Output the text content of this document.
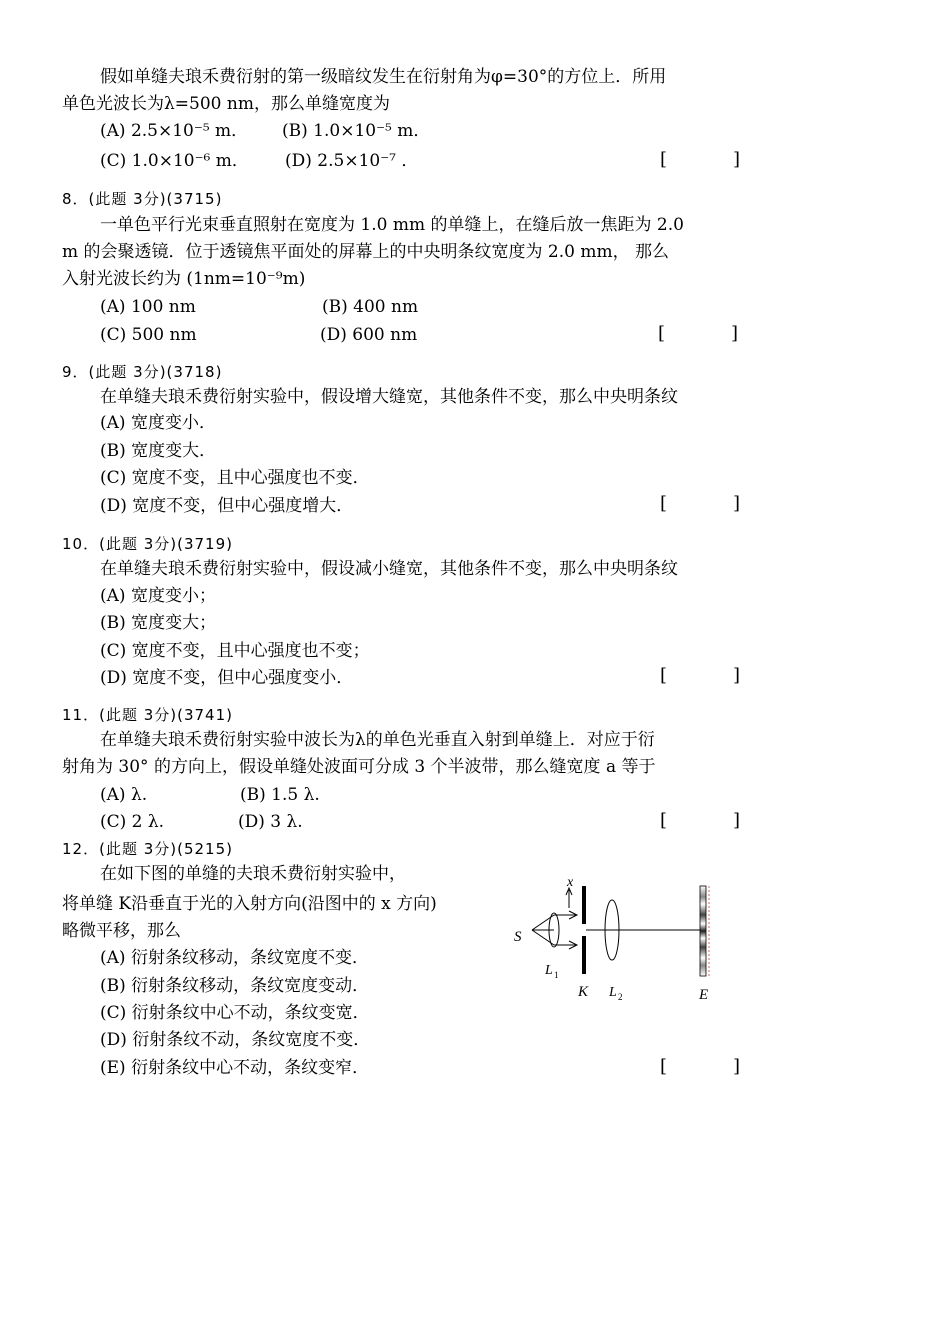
假如单缝夫琅禾费衍射的第一级暗纹发生在衍射角为φ=30°的方位上．所用
单色光波长为λ=500 nm，那么单缝宽度为
(A) 2.5×10⁻⁵ m． (B) 1.0×10⁻⁵ m．
(C) 1.0×10⁻⁶ m． (D) 2.5×10⁻⁷ ．	[	]
8．(此题 3分)(3715)
一单色平行光束垂直照射在宽度为 1.0 mm 的单缝上，在缝后放一焦距为 2.0
m 的会聚透镜．位于透镜焦平面处的屏幕上的中央明条纹宽度为 2.0 mm， 那么
入射光波长约为 (1nm=10⁻⁹m)
(A) 100 nm	(B) 400 nm
(C) 500 nm	(D) 600 nm	[	]
9．(此题 3分)(3718)
在单缝夫琅禾费衍射实验中，假设增大缝宽，其他条件不变，那么中央明条纹
(A) 宽度变小．
(B) 宽度变大．
(C) 宽度不变，且中心强度也不变．
(D) 宽度不变，但中心强度增大．	[	]
10．(此题 3分)(3719)
在单缝夫琅禾费衍射实验中，假设减小缝宽，其他条件不变，那么中央明条纹
(A) 宽度变小；
(B) 宽度变大；
(C) 宽度不变，且中心强度也不变；
(D) 宽度不变，但中心强度变小．	[	]
11．(此题 3分)(3741)
在单缝夫琅禾费衍射实验中波长为λ的单色光垂直入射到单缝上．对应于衍
射角为 30° 的方向上，假设单缝处波面可分成 3 个半波带，那么缝宽度 a 等于
(A) λ.	(B) 1.5 λ.
(C) 2 λ.	(D) 3 λ.	[	]
12．(此题 3分)(5215)
在如下图的单缝的夫琅禾费衍射实验中，
将单缝 K沿垂直于光的入射方向(沿图中的 x 方向)
略微平移，那么
(A) 衍射条纹移动，条纹宽度不变．
(B) 衍射条纹移动，条纹宽度变动．
(C) 衍射条纹中心不动，条纹变宽．
(D) 衍射条纹不动，条纹宽度不变．
(E) 衍射条纹中心不动，条纹变窄．	[	]
x
S
L 1
K L 2	E
